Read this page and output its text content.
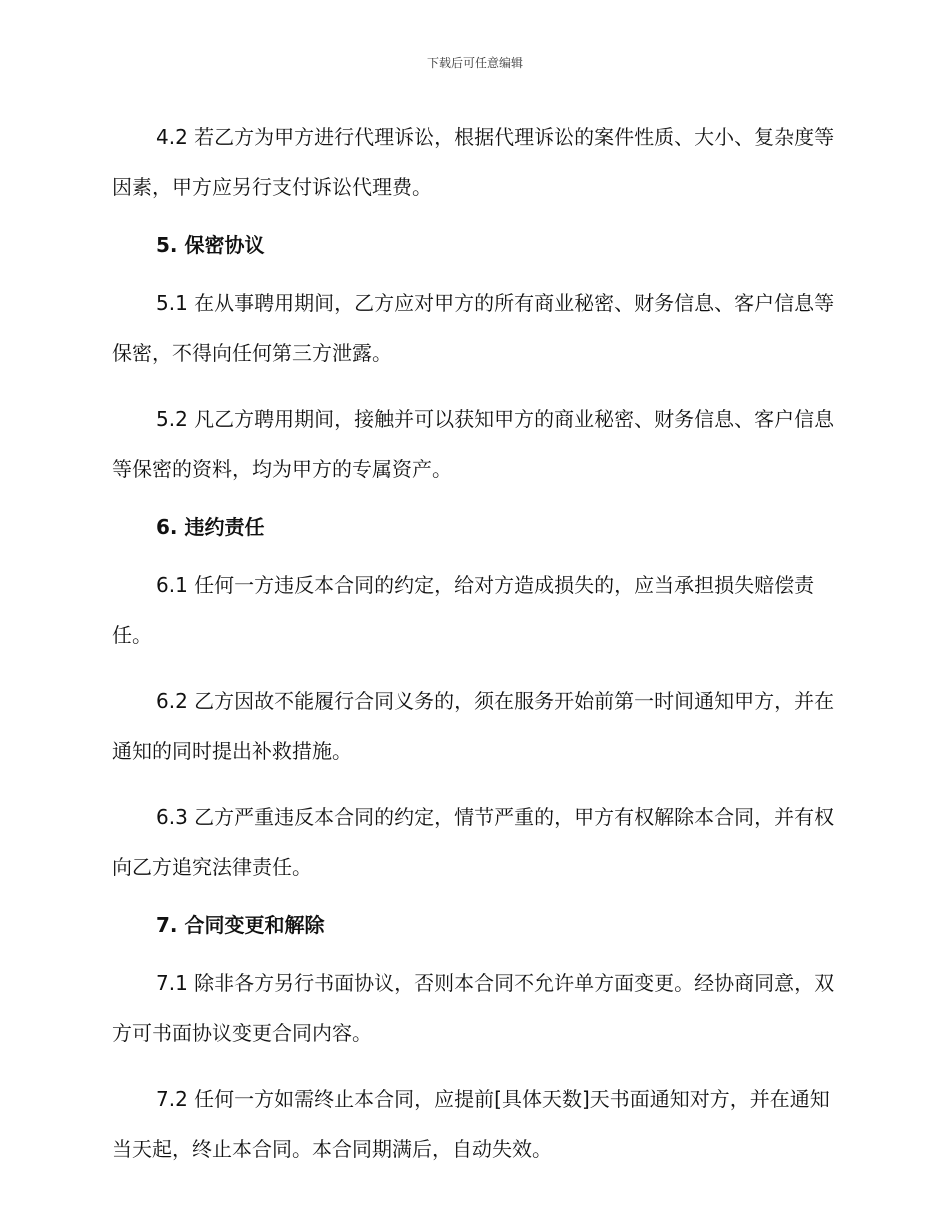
下载后可任意编辑

4.2 若乙方为甲方进行代理诉讼，根据代理诉讼的案件性质、大小、复杂度等因素，甲方应另行支付诉讼代理费。

5. 保密协议

5.1 在从事聘用期间，乙方应对甲方的所有商业秘密、财务信息、客户信息等保密，不得向任何第三方泄露。

5.2 凡乙方聘用期间，接触并可以获知甲方的商业秘密、财务信息、客户信息等保密的资料，均为甲方的专属资产。

6. 违约责任

6.1 任何一方违反本合同的约定，给对方造成损失的，应当承担损失赔偿责任。

6.2 乙方因故不能履行合同义务的，须在服务开始前第一时间通知甲方，并在通知的同时提出补救措施。

6.3 乙方严重违反本合同的约定，情节严重的，甲方有权解除本合同，并有权向乙方追究法律责任。

7. 合同变更和解除

7.1 除非各方另行书面协议，否则本合同不允许单方面变更。经协商同意，双方可书面协议变更合同内容。

7.2 任何一方如需终止本合同，应提前[具体天数]天书面通知对方，并在通知当天起，终止本合同。本合同期满后，自动失效。
